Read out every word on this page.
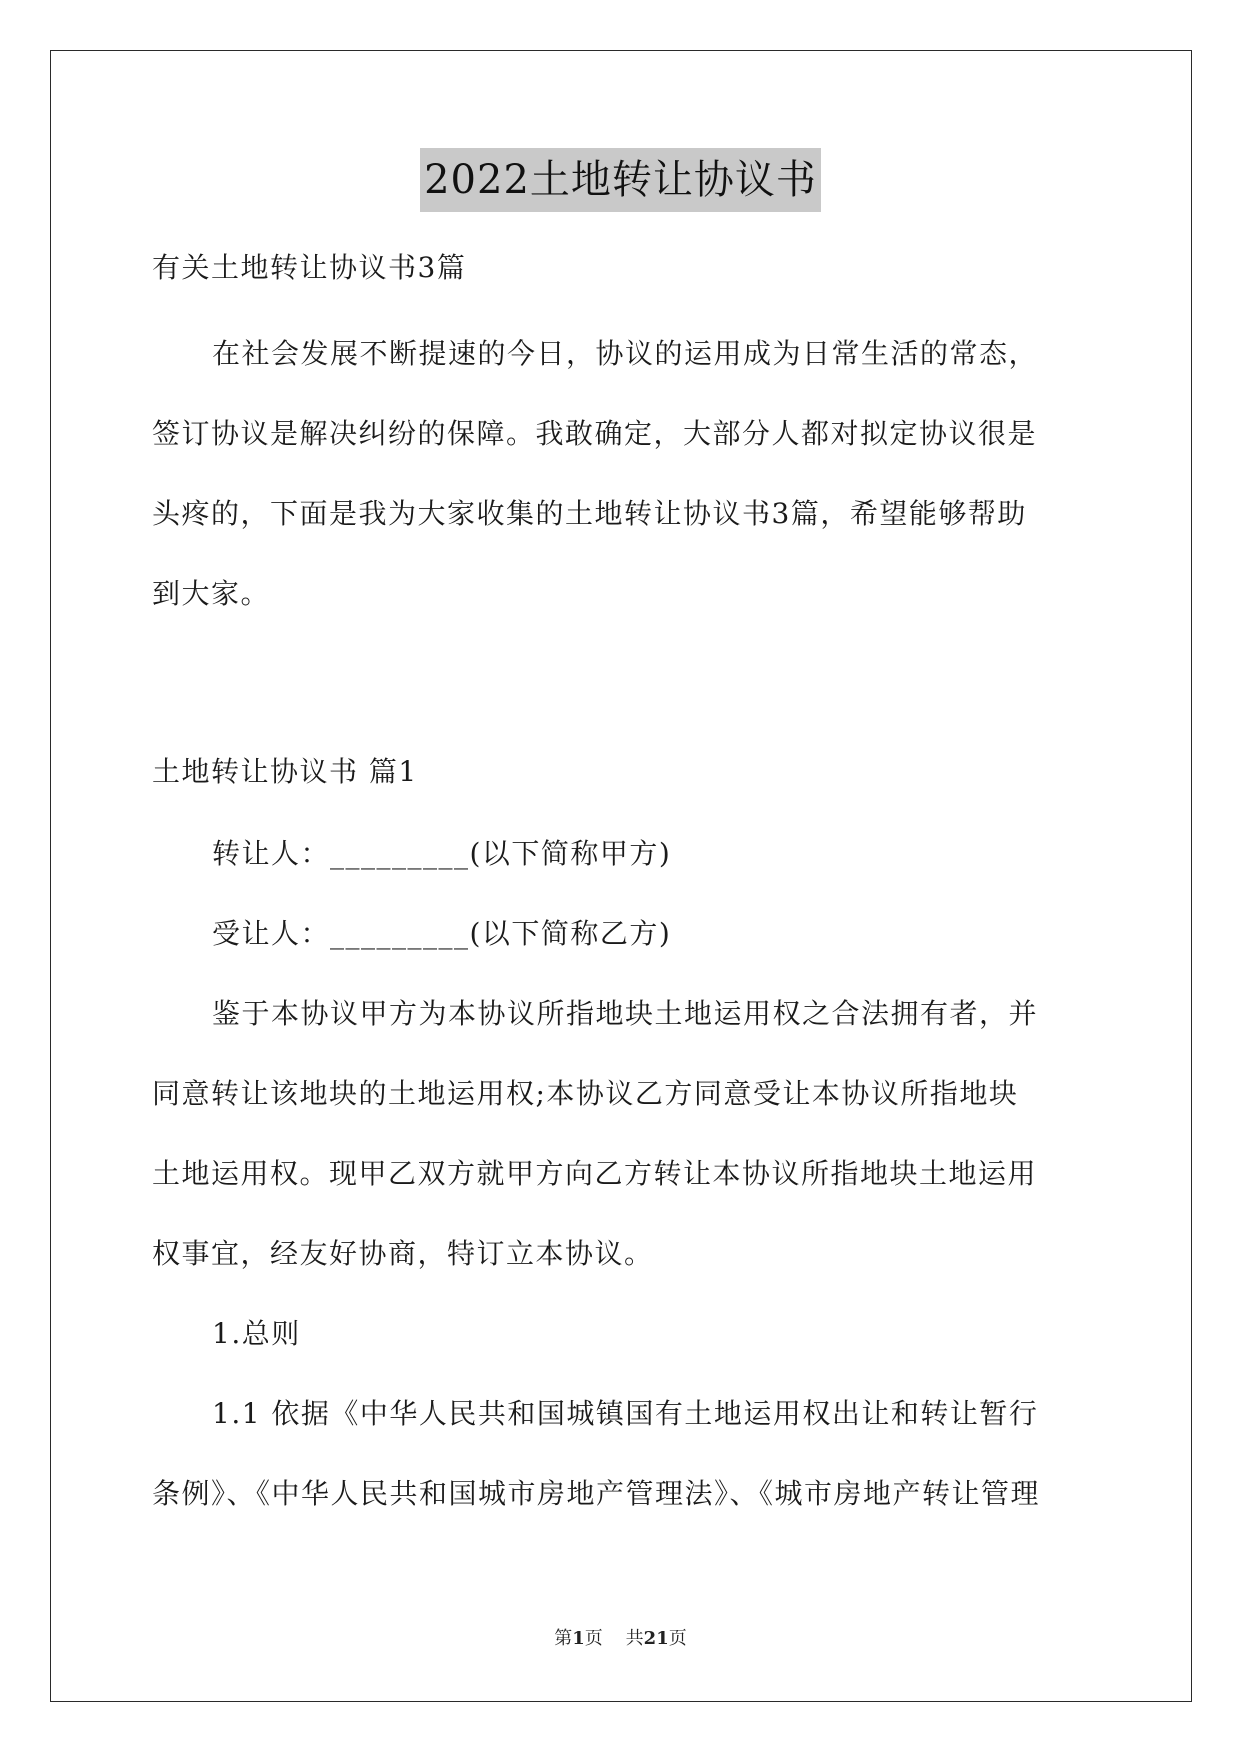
2022土地转让协议书
有关土地转让协议书3篇
在社会发展不断提速的今日，协议的运用成为日常生活的常态，
签订协议是解决纠纷的保障。我敢确定，大部分人都对拟定协议很是
头疼的，下面是我为大家收集的土地转让协议书3篇，希望能够帮助
到大家。
土地转让协议书 篇1
转让人：_________(以下简称甲方)
受让人：_________(以下简称乙方)
鉴于本协议甲方为本协议所指地块土地运用权之合法拥有者，并
同意转让该地块的土地运用权;本协议乙方同意受让本协议所指地块
土地运用权。现甲乙双方就甲方向乙方转让本协议所指地块土地运用
权事宜，经友好协商，特订立本协议。
1.总则
1.1 依据《中华人民共和国城镇国有土地运用权出让和转让暂行
条例》、《中华人民共和国城市房地产管理法》、《城市房地产转让管理
第1页 共21页
